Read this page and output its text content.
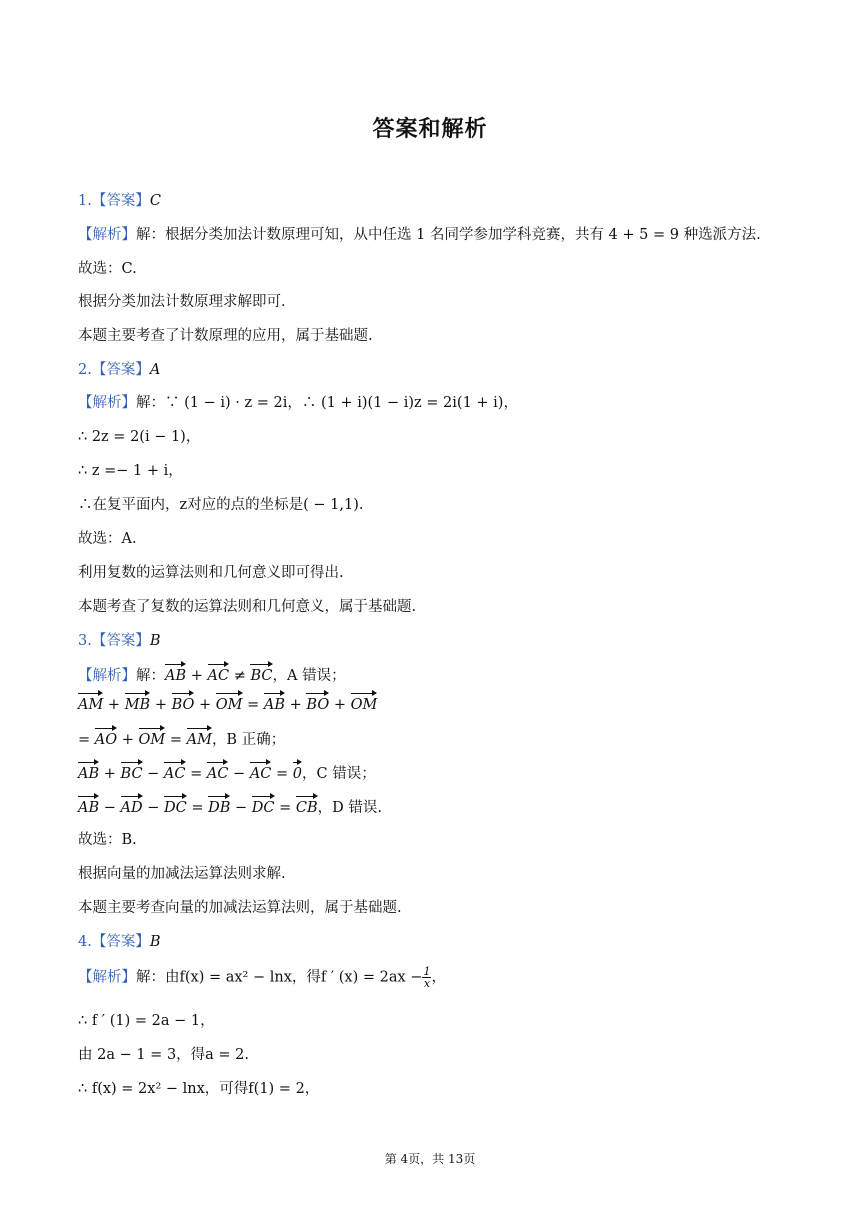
答案和解析
1.【答案】C
【解析】解：根据分类加法计数原理可知，从中任选 1 名同学参加学科竞赛，共有 4 + 5 = 9 种选派方法.
故选：C.
根据分类加法计数原理求解即可.
本题主要考查了计数原理的应用，属于基础题.
2.【答案】A
【解析】解：∵ (1 − i) · z = 2i，∴ (1 + i)(1 − i)z = 2i(1 + i)，
∴ 2z = 2(i − 1)，
∴ z =− 1 + i，
∴在复平面内，z对应的点的坐标是( − 1,1).
故选：A.
利用复数的运算法则和几何意义即可得出.
本题考查了复数的运算法则和几何意义，属于基础题.
3.【答案】B
【解析】解：AB + AC ≠ BC，A 错误；
AM + MB + BO + OM = AB + BO + OM
= AO + OM = AM，B 正确；
AB + BC − AC = AC − AC = 0，C 错误；
AB − AD − DC = DB − DC = CB，D 错误.
故选：B.
根据向量的加减法运算法则求解.
本题主要考查向量的加减法运算法则，属于基础题.
4.【答案】B
【解析】解：由f(x) = ax² − lnx，得f ′ $(x) = 2ax - \frac{1}{x}$ ，
∴ f ′ (1) = 2a − 1，
由 2a − 1 = 3，得a = 2.
∴ f(x) = 2x² − lnx，可得f(1) = 2，
第 4页，共 13页
